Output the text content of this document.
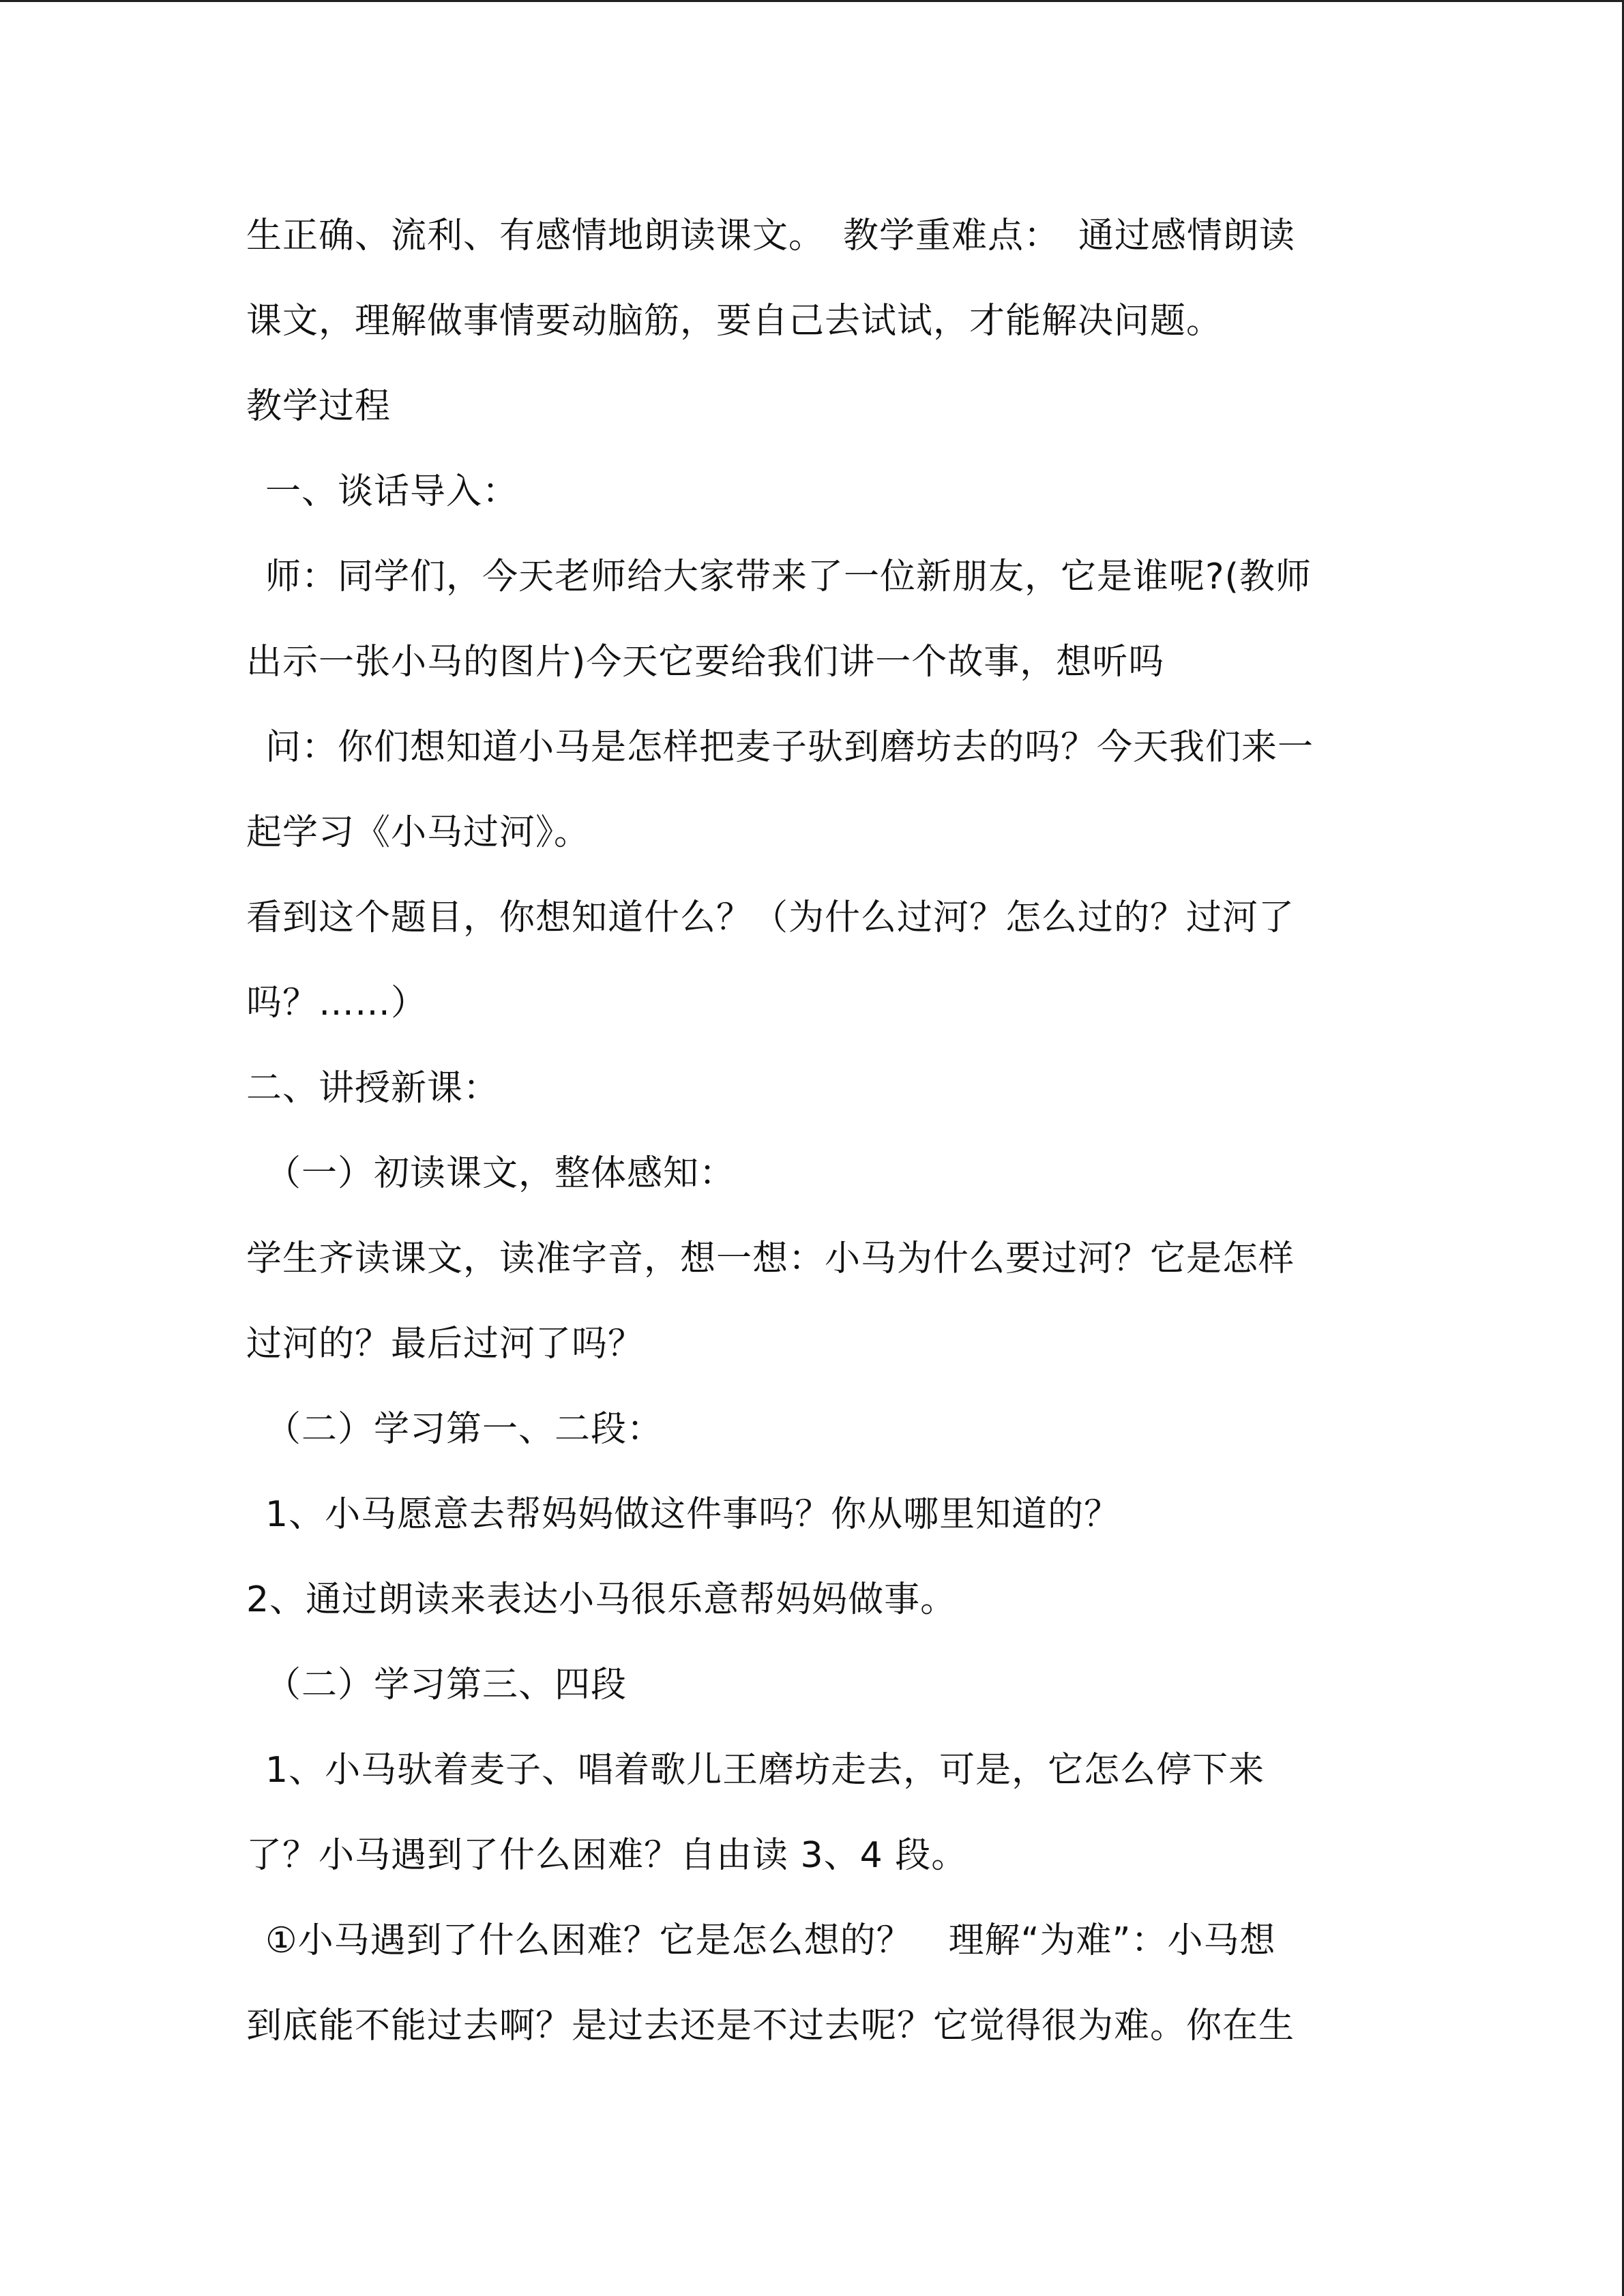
生正确、流利、有感情地朗读课文。　教学重难点：　通过感情朗读
课文，理解做事情要动脑筋，要自己去试试，才能解决问题。
教学过程
一、谈话导入：
师：同学们，今天老师给大家带来了一位新朋友，它是谁呢?(教师
出示一张小马的图片)今天它要给我们讲一个故事，想听吗
问：你们想知道小马是怎样把麦子驮到磨坊去的吗？今天我们来一
起学习《小马过河》。
看到这个题目，你想知道什么？（为什么过河？怎么过的？过河了
吗？……）
二、讲授新课：
（一）初读课文，整体感知：
学生齐读课文，读准字音，想一想：小马为什么要过河？它是怎样
过河的？最后过河了吗？
（二）学习第一、二段：
1、小马愿意去帮妈妈做这件事吗？你从哪里知道的？
2、通过朗读来表达小马很乐意帮妈妈做事。
（二）学习第三、四段
1、小马驮着麦子、唱着歌儿王磨坊走去，可是，它怎么停下来
了？小马遇到了什么困难？自由读 3、4 段。
①小马遇到了什么困难？它是怎么想的？　理解“为难”：小马想
到底能不能过去啊？是过去还是不过去呢？它觉得很为难。你在生
